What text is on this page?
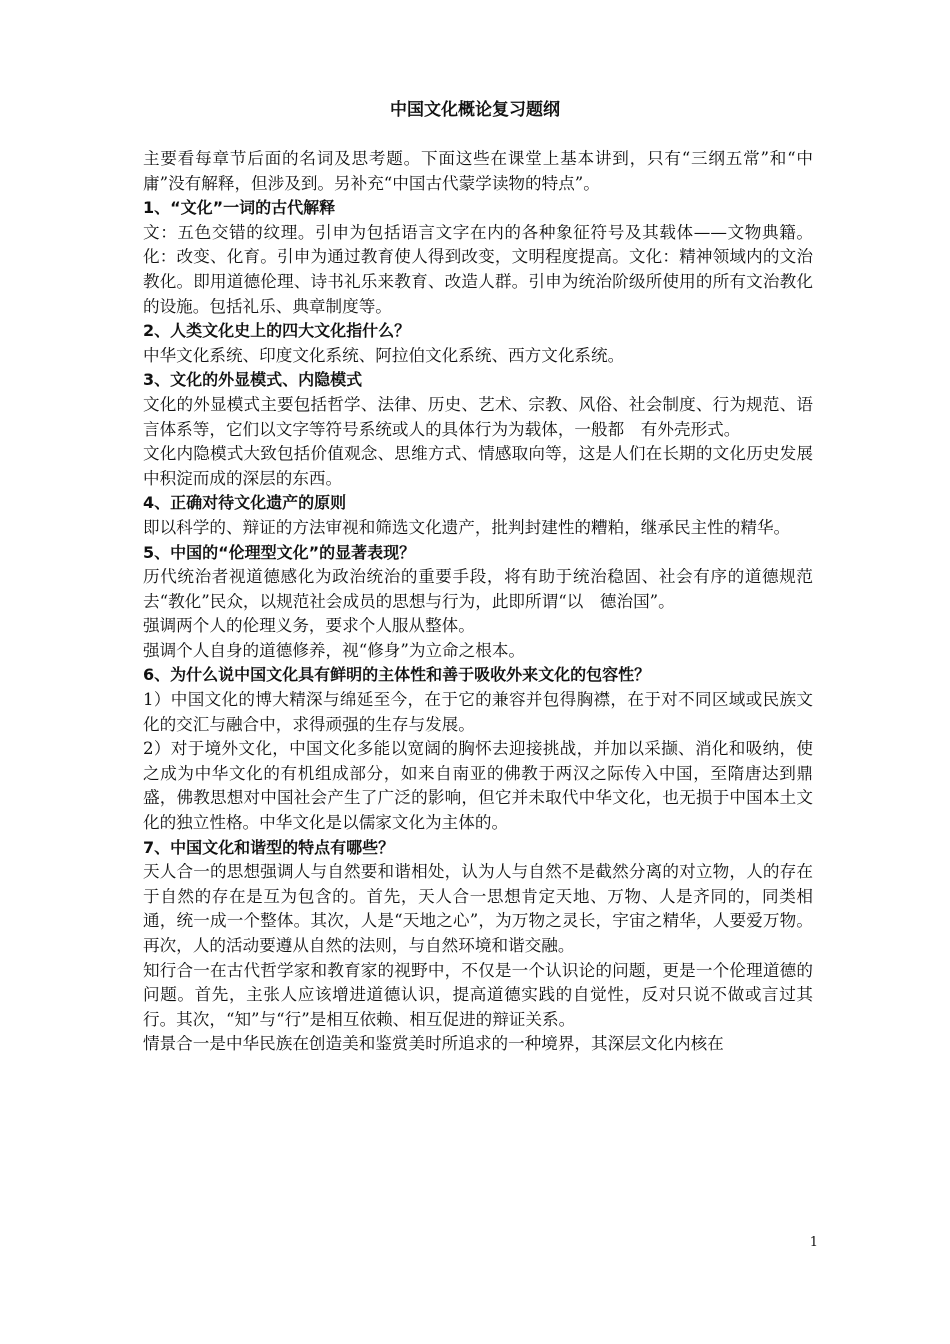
中国文化概论复习题纲

主要看每章节后面的名词及思考题。下面这些在课堂上基本讲到，只有“三纲五常”和“中庸”没有解释，但涉及到。另补充“中国古代蒙学读物的特点”。

1、“文化”一词的古代解释

文：五色交错的纹理。引申为包括语言文字在内的各种象征符号及其载体——文物典籍。化：改变、化育。引申为通过教育使人得到改变，文明程度提高。文化：精神领域内的文治教化。即用道德伦理、诗书礼乐来教育、改造人群。引申为统治阶级所使用的所有文治教化的设施。包括礼乐、典章制度等。

2、人类文化史上的四大文化指什么？

中华文化系统、印度文化系统、阿拉伯文化系统、西方文化系统。

3、文化的外显模式、内隐模式

文化的外显模式主要包括哲学、法律、历史、艺术、宗教、风俗、社会制度、行为规范、语言体系等，它们以文字等符号系统或人的具体行为为载体，一般都　有外壳形式。

文化内隐模式大致包括价值观念、思维方式、情感取向等，这是人们在长期的文化历史发展中积淀而成的深层的东西。

4、正确对待文化遗产的原则

即以科学的、辩证的方法审视和筛选文化遗产，批判封建性的糟粕，继承民主性的精华。

5、中国的“伦理型文化”的显著表现？

历代统治者视道德感化为政治统治的重要手段，将有助于统治稳固、社会有序的道德规范去“教化”民众，以规范社会成员的思想与行为，此即所谓“以　德治国”。

强调两个人的伦理义务，要求个人服从整体。

强调个人自身的道德修养，视“修身”为立命之根本。

6、为什么说中国文化具有鲜明的主体性和善于吸收外来文化的包容性？

1）中国文化的博大精深与绵延至今，在于它的兼容并包得胸襟，在于对不同区域或民族文化的交汇与融合中，求得顽强的生存与发展。

2）对于境外文化，中国文化多能以宽阔的胸怀去迎接挑战，并加以采撷、消化和吸纳，使之成为中华文化的有机组成部分，如来自南亚的佛教于两汉之际传入中国，至隋唐达到鼎盛，佛教思想对中国社会产生了广泛的影响，但它并未取代中华文化，也无损于中国本土文化的独立性格。中华文化是以儒家文化为主体的。

7、中国文化和谐型的特点有哪些？

天人合一的思想强调人与自然要和谐相处，认为人与自然不是截然分离的对立物，人的存在于自然的存在是互为包含的。首先，天人合一思想肯定天地、万物、人是齐同的，同类相通，统一成一个整体。其次，人是“天地之心”，为万物之灵长，宇宙之精华，人要爱万物。再次，人的活动要遵从自然的法则，与自然环境和谐交融。

知行合一在古代哲学家和教育家的视野中，不仅是一个认识论的问题，更是一个伦理道德的问题。首先，主张人应该增进道德认识，提高道德实践的自觉性，反对只说不做或言过其行。其次，“知”与“行”是相互依赖、相互促进的辩证关系。

情景合一是中华民族在创造美和鉴赏美时所追求的一种境界，其深层文化内核在

1
